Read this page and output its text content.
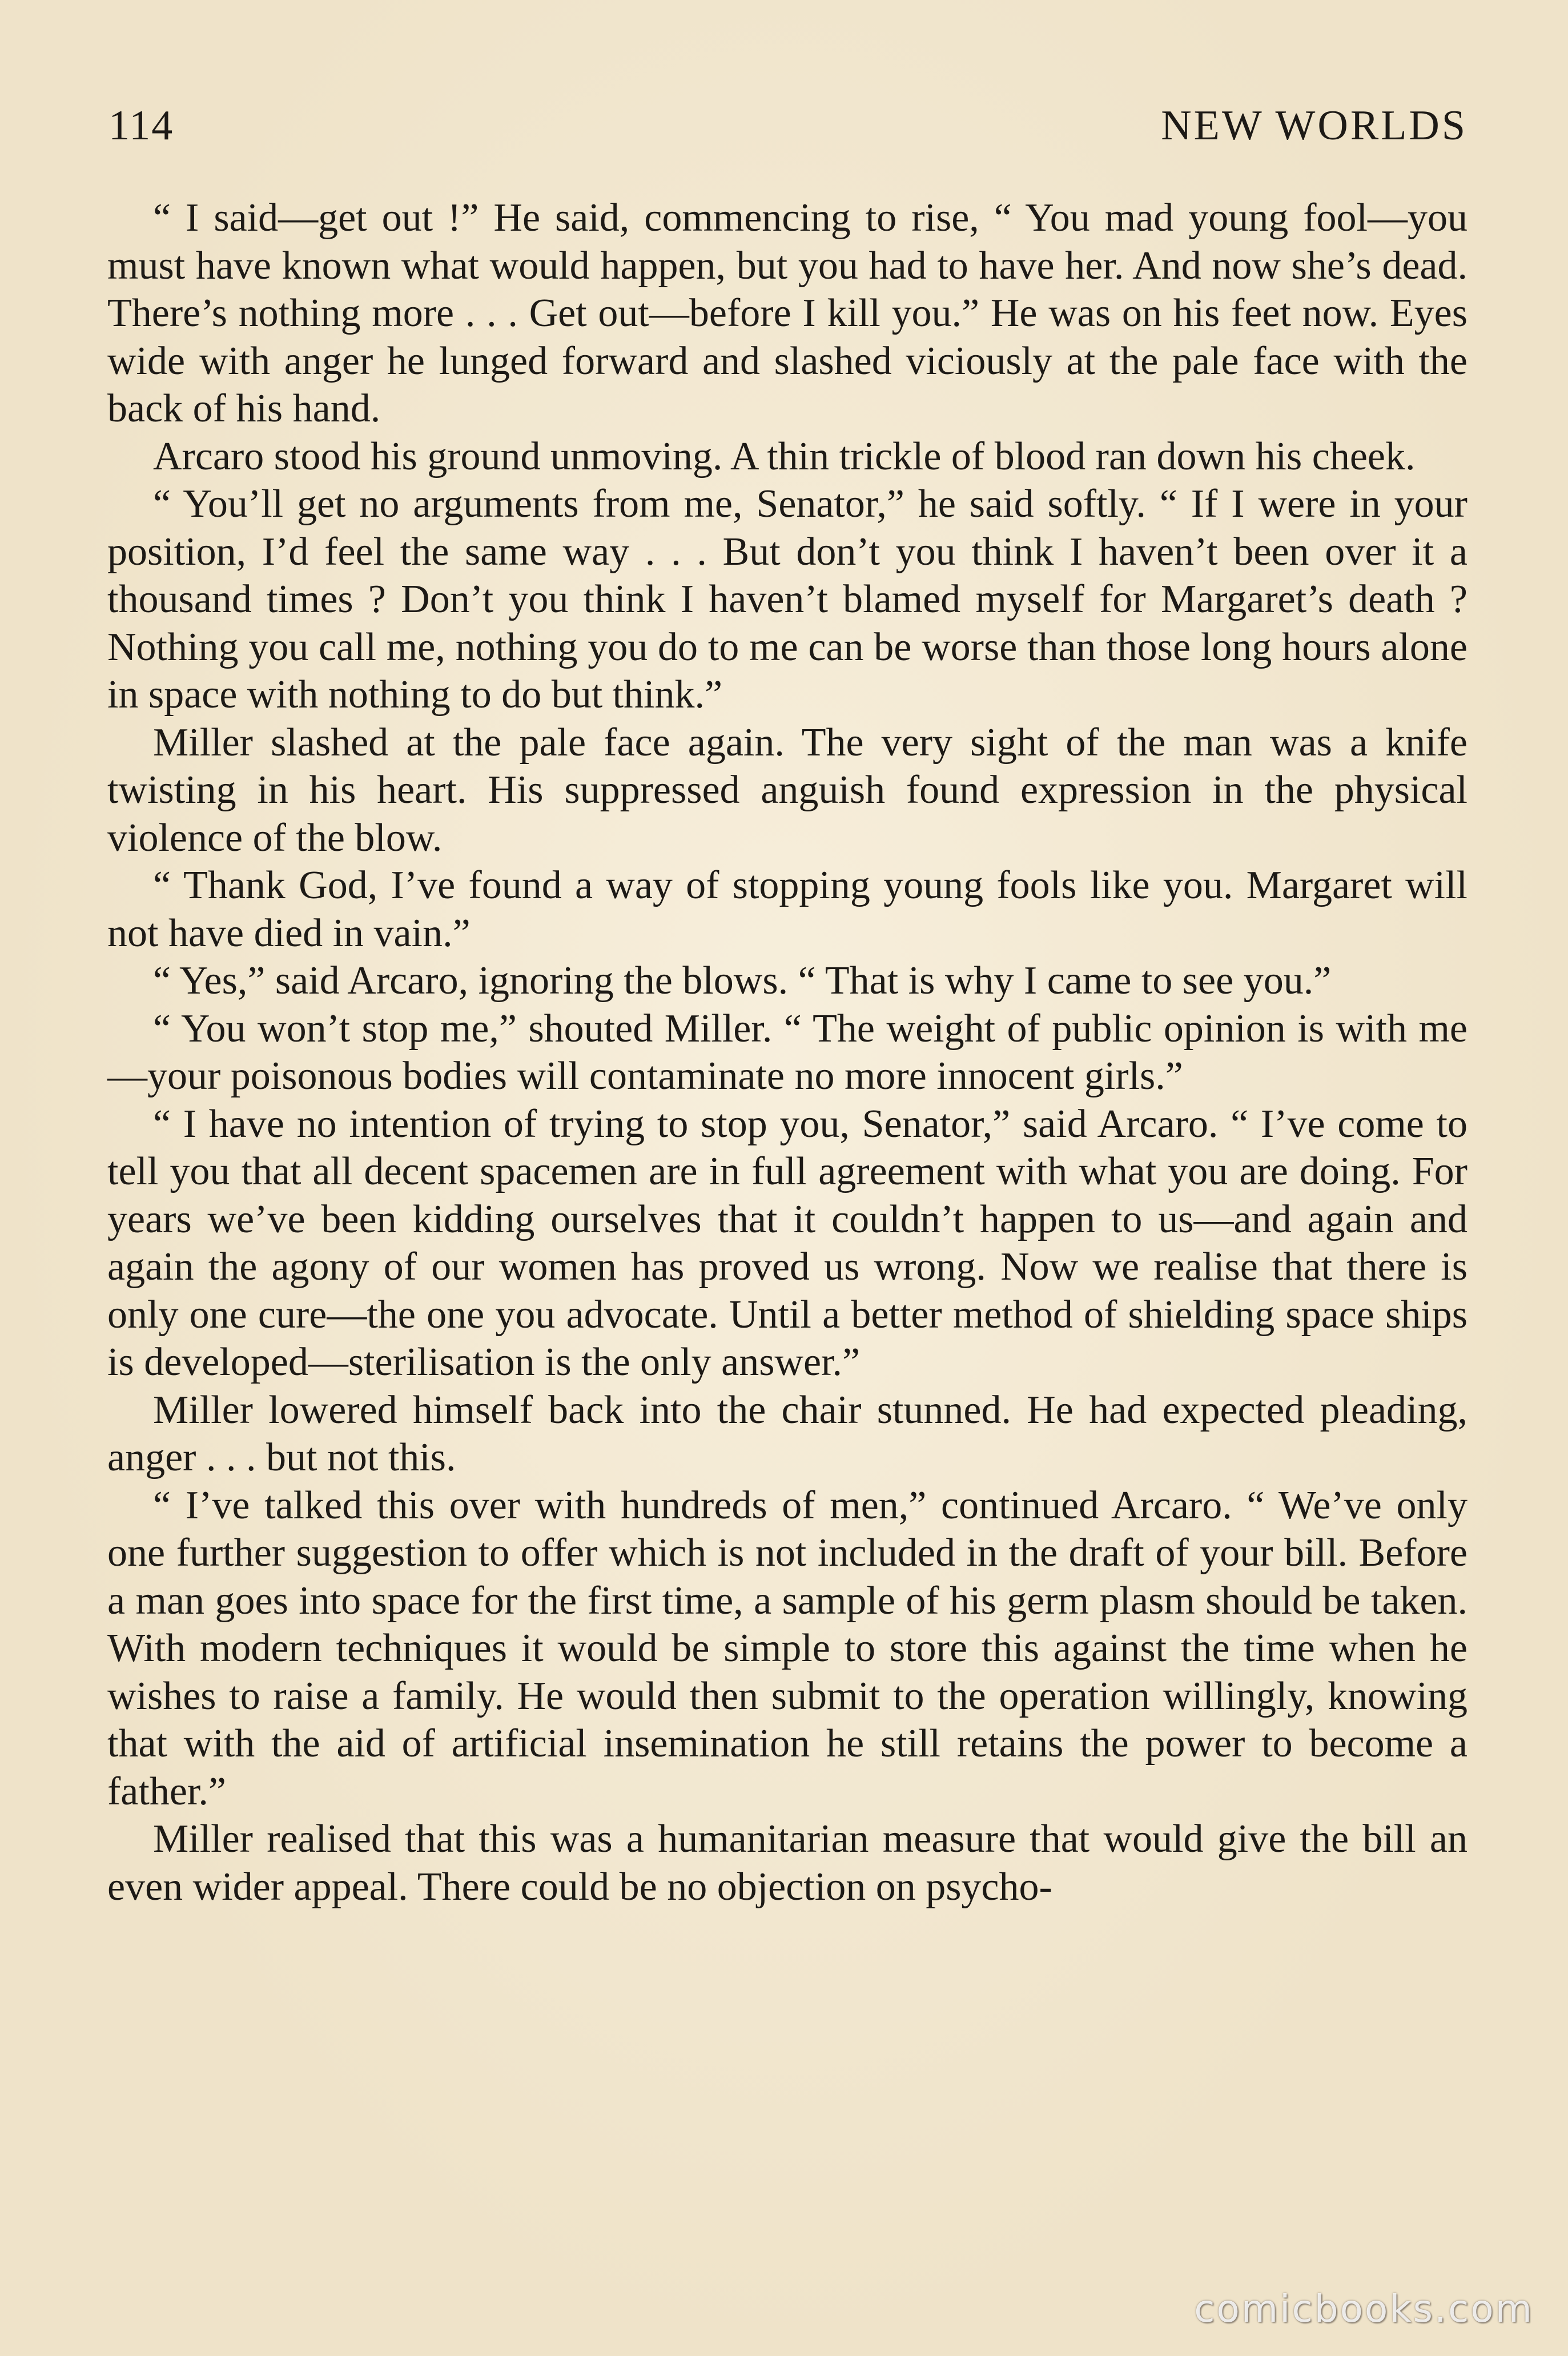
114	NEW WORLDS

“ I said—get out !” He said, commencing to rise, “ You mad young fool—you must have known what would happen, but you had to have her. And now she’s dead. There’s nothing more . . . Get out—before I kill you.” He was on his feet now. Eyes wide with anger he lunged forward and slashed viciously at the pale face with the back of his hand.

Arcaro stood his ground unmoving. A thin trickle of blood ran down his cheek.

“ You’ll get no arguments from me, Senator,” he said softly. “ If I were in your position, I’d feel the same way . . . But don’t you think I haven’t been over it a thousand times ? Don’t you think I haven’t blamed myself for Margaret’s death ? Nothing you call me, nothing you do to me can be worse than those long hours alone in space with nothing to do but think.”

Miller slashed at the pale face again. The very sight of the man was a knife twisting in his heart. His suppressed anguish found expression in the physical violence of the blow.

“ Thank God, I’ve found a way of stopping young fools like you. Margaret will not have died in vain.”

“ Yes,” said Arcaro, ignoring the blows. “ That is why I came to see you.”

“ You won’t stop me,” shouted Miller. “ The weight of public opinion is with me—your poisonous bodies will contaminate no more innocent girls.”

“ I have no intention of trying to stop you, Senator,” said Arcaro. “ I’ve come to tell you that all decent spacemen are in full agreement with what you are doing. For years we’ve been kidding ourselves that it couldn’t happen to us—and again and again the agony of our women has proved us wrong. Now we realise that there is only one cure—the one you advocate. Until a better method of shielding space ships is developed—sterilisation is the only answer.”

Miller lowered himself back into the chair stunned. He had expected pleading, anger . . . but not this.

“ I’ve talked this over with hundreds of men,” continued Arcaro. “ We’ve only one further suggestion to offer which is not included in the draft of your bill. Before a man goes into space for the first time, a sample of his germ plasm should be taken. With modern techniques it would be simple to store this against the time when he wishes to raise a family. He would then submit to the operation willingly, knowing that with the aid of artificial insemination he still retains the power to become a father.”

Miller realised that this was a humanitarian measure that would give the bill an even wider appeal. There could be no objection on psycho-

comicbooks.com
